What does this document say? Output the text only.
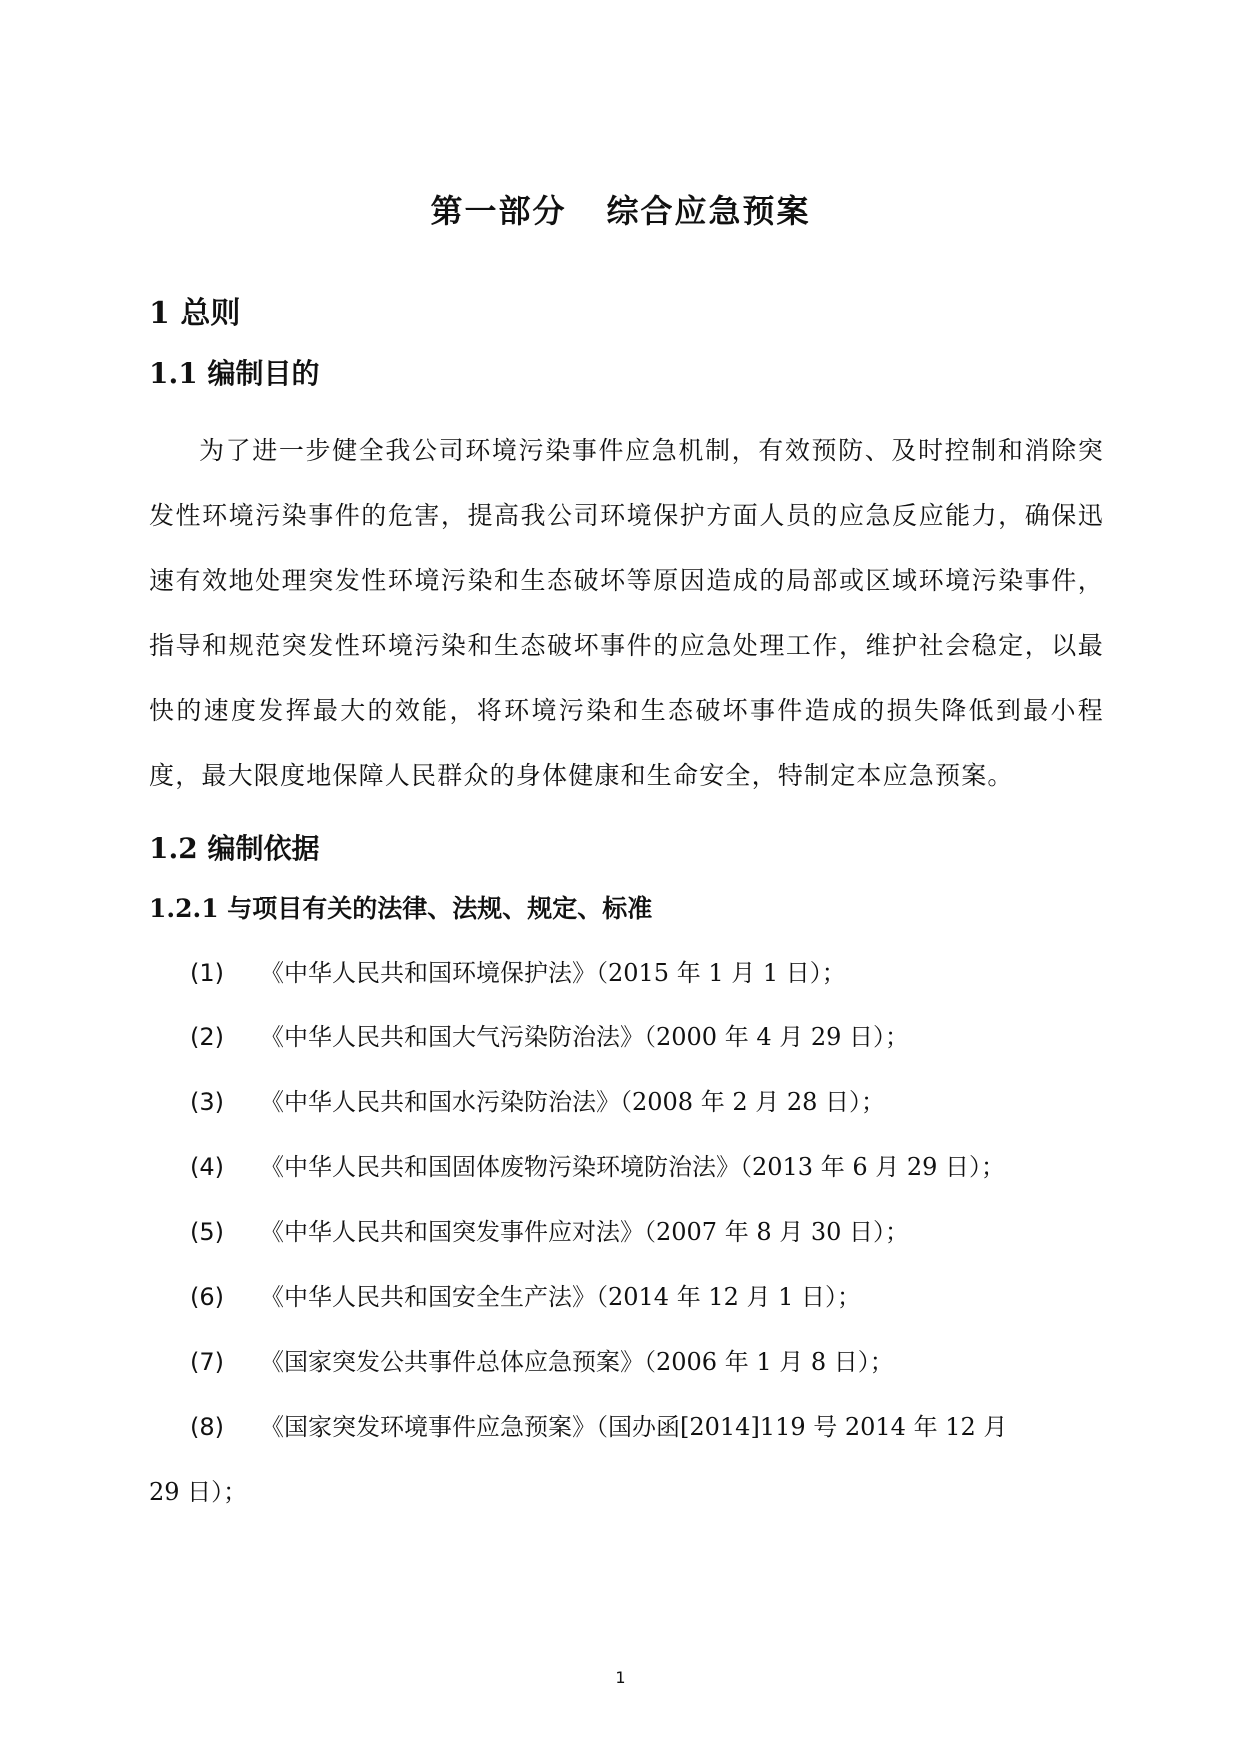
第一部分 综合应急预案
1 总则
1.1 编制目的
为了进一步健全我公司环境污染事件应急机制，有效预防、及时控制和消除突发性环境污染事件的危害，提高我公司环境保护方面人员的应急反应能力，确保迅速有效地处理突发性环境污染和生态破坏等原因造成的局部或区域环境污染事件，指导和规范突发性环境污染和生态破坏事件的应急处理工作，维护社会稳定，以最快的速度发挥最大的效能，将环境污染和生态破坏事件造成的损失降低到最小程度，最大限度地保障人民群众的身体健康和生命安全，特制定本应急预案。
1.2 编制依据
1.2.1 与项目有关的法律、法规、规定、标准
(1) 《中华人民共和国环境保护法》（2015 年 1 月 1 日）；
(2) 《中华人民共和国大气污染防治法》（2000 年 4 月 29 日）；
(3) 《中华人民共和国水污染防治法》（2008 年 2 月 28 日）；
(4) 《中华人民共和国固体废物污染环境防治法》（2013 年 6 月 29 日）；
(5) 《中华人民共和国突发事件应对法》（2007 年 8 月 30 日）；
(6) 《中华人民共和国安全生产法》（2014 年 12 月 1 日）；
(7) 《国家突发公共事件总体应急预案》（2006 年 1 月 8 日）；
(8) 《国家突发环境事件应急预案》（国办函[2014]119 号 2014 年 12 月
29 日）；
1
